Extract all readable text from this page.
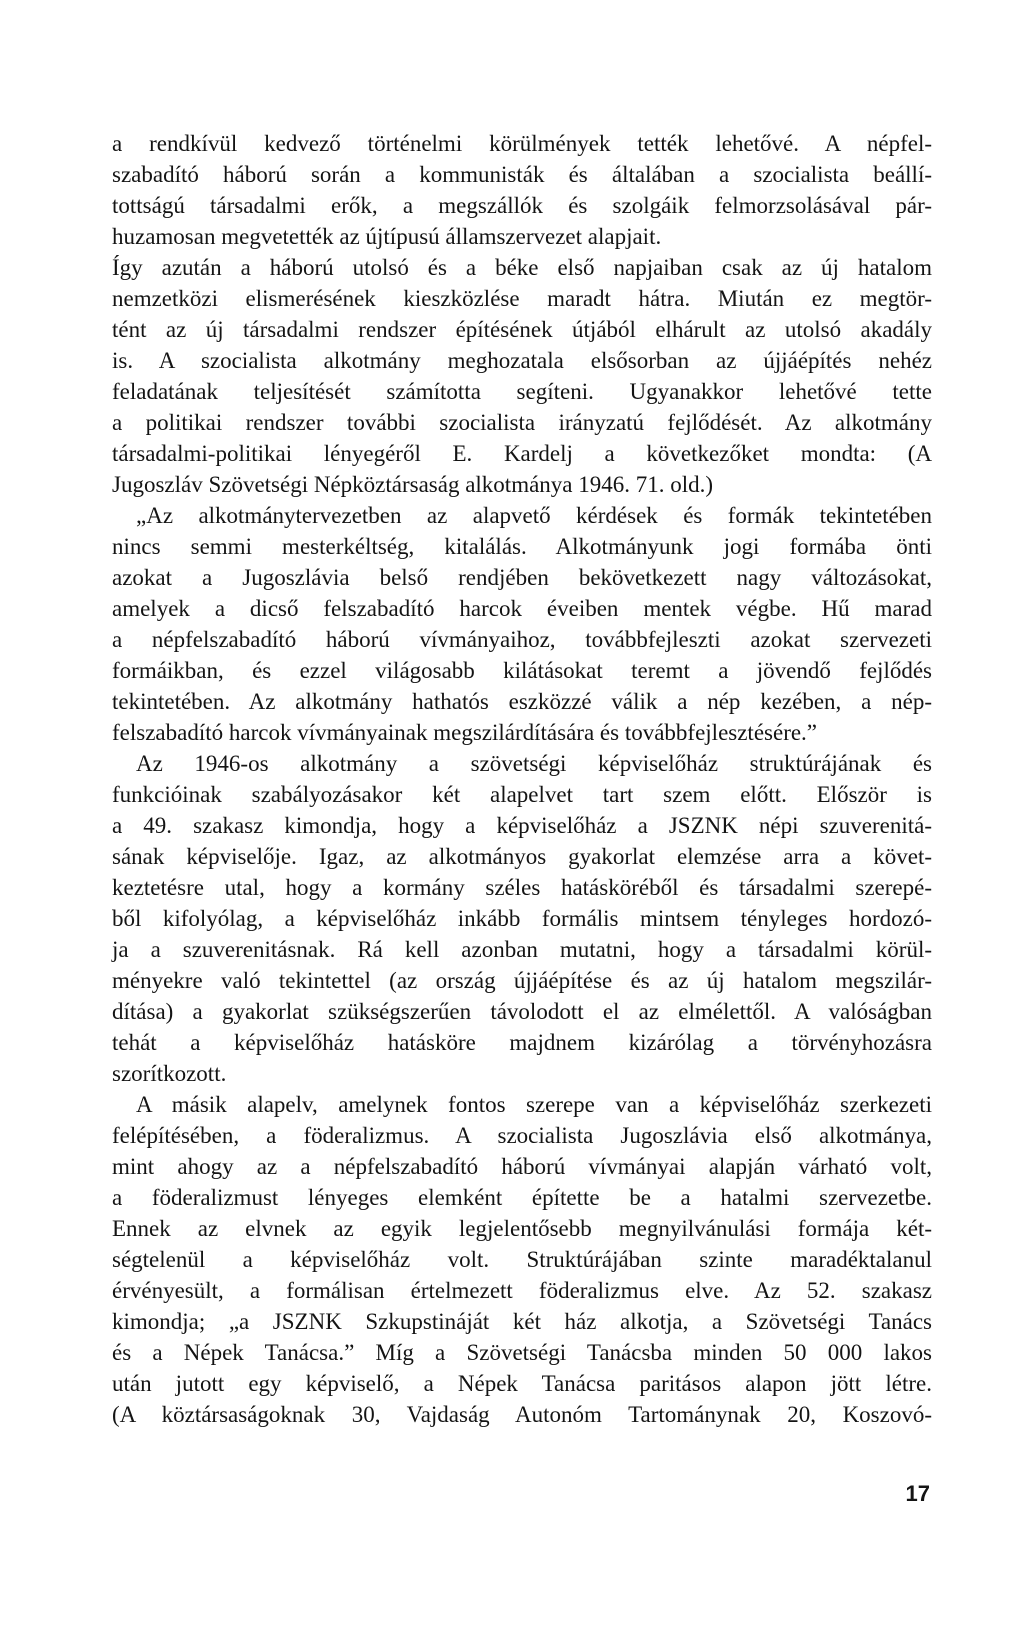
a rendkívül kedvező történelmi körülmények tették lehetővé. A népfel-
szabadító háború során a kommunisták és általában a szocialista beállí-
tottságú társadalmi erők, a megszállók és szolgáik felmorzsolásával pár-
huzamosan megvetették az újtípusú államszervezet alapjait.
Így azután a háború utolsó és a béke első napjaiban csak az új hatalom
nemzetközi elismerésének kieszközlése maradt hátra. Miután ez megtör-
tént az új társadalmi rendszer építésének útjából elhárult az utolsó akadály
is. A szocialista alkotmány meghozatala elsősorban az újjáépítés nehéz
feladatának teljesítését számította segíteni. Ugyanakkor lehetővé tette
a politikai rendszer további szocialista irányzatú fejlődését. Az alkotmány
társadalmi-politikai lényegéről E. Kardelj a következőket mondta: (A
Jugoszláv Szövetségi Népköztársaság alkotmánya 1946. 71. old.)
„Az alkotmánytervezetben az alapvető kérdések és formák tekintetében
nincs semmi mesterkéltség, kitalálás. Alkotmányunk jogi formába önti
azokat a Jugoszlávia belső rendjében bekövetkezett nagy változásokat,
amelyek a dicső felszabadító harcok éveiben mentek végbe. Hű marad
a népfelszabadító háború vívmányaihoz, továbbfejleszti azokat szervezeti
formáikban, és ezzel világosabb kilátásokat teremt a jövendő fejlődés
tekintetében. Az alkotmány hathatós eszközzé válik a nép kezében, a nép-
felszabadító harcok vívmányainak megszilárdítására és továbbfejlesztésére.”
Az 1946-os alkotmány a szövetségi képviselőház struktúrájának és
funkcióinak szabályozásakor két alapelvet tart szem előtt. Először is
a 49. szakasz kimondja, hogy a képviselőház a JSZNK népi szuverenitá-
sának képviselője. Igaz, az alkotmányos gyakorlat elemzése arra a követ-
keztetésre utal, hogy a kormány széles hatásköréből és társadalmi szerepé-
ből kifolyólag, a képviselőház inkább formális mintsem tényleges hordozó-
ja a szuverenitásnak. Rá kell azonban mutatni, hogy a társadalmi körül-
ményekre való tekintettel (az ország újjáépítése és az új hatalom megszilár-
dítása) a gyakorlat szükségszerűen távolodott el az elmélettől. A valóságban
tehát a képviselőház hatásköre majdnem kizárólag a törvényhozásra
szorítkozott.
A másik alapelv, amelynek fontos szerepe van a képviselőház szerkezeti
felépítésében, a föderalizmus. A szocialista Jugoszlávia első alkotmánya,
mint ahogy az a népfelszabadító háború vívmányai alapján várható volt,
a föderalizmust lényeges elemként építette be a hatalmi szervezetbe.
Ennek az elvnek az egyik legjelentősebb megnyilvánulási formája két-
ségtelenül a képviselőház volt. Struktúrájában szinte maradéktalanul
érvényesült, a formálisan értelmezett föderalizmus elve. Az 52. szakasz
kimondja; „a JSZNK Szkupstináját két ház alkotja, a Szövetségi Tanács
és a Népek Tanácsa.” Míg a Szövetségi Tanácsba minden 50 000 lakos
után jutott egy képviselő, a Népek Tanácsa paritásos alapon jött létre.
(A köztársaságoknak 30, Vajdaság Autonóm Tartománynak 20, Koszovó-
17
